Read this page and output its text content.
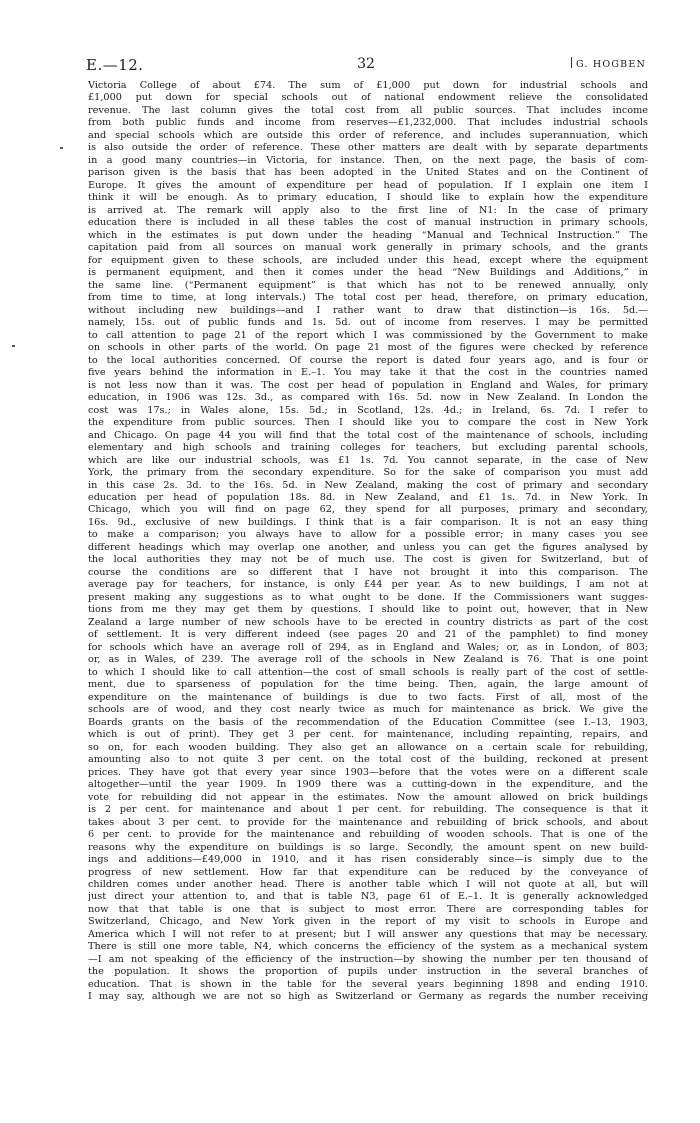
E.—12.	32	G. HOGBEN
Victoria College of about £74. The sum of £1,000 put down for industrial schools and
£1,000 put down for special schools out of national endowment relieve the consolidated
revenue. The last column gives the total cost from all public sources. That includes income
from both public funds and income from reserves—£1,232,000. That includes industrial schools
and special schools which are outside this order of reference, and includes superannuation, which
is also outside the order of reference. These other matters are dealt with by separate departments
in a good many countries—in Victoria, for instance. Then, on the next page, the basis of com-
parison given is the basis that has been adopted in the United States and on the Continent of
Europe. It gives the amount of expenditure per head of population. If I explain one item I
think it will be enough. As to primary education, I should like to explain how the expenditure
is arrived at. The remark will apply also to the first line of N1: In the case of primary
education there is included in all these tables the cost of manual instruction in primary schools,
which in the estimates is put down under the heading “Manual and Technical Instruction.” The
capitation paid from all sources on manual work generally in primary schools, and the grants
for equipment given to these schools, are included under this head, except where the equipment
is permanent equipment, and then it comes under the head “New Buildings and Additions,” in
the same line. (“Permanent equipment” is that which has not to be renewed annually, only
from time to time, at long intervals.) The total cost per head, therefore, on primary education,
without including new buildings—and I rather want to draw that distinction—is 16s. 5d.—
namely, 15s. out of public funds and 1s. 5d. out of income from reserves. I may be permitted
to call attention to page 21 of the report which I was commissioned by the Government to make
on schools in other parts of the world. On page 21 most of the figures were checked by reference
to the local authorities concerned. Of course the report is dated four years ago, and is four or
five years behind the information in E.–1. You may take it that the cost in the countries named
is not less now than it was. The cost per head of population in England and Wales, for primary
education, in 1906 was 12s. 3d., as compared with 16s. 5d. now in New Zealand. In London the
cost was 17s.; in Wales alone, 15s. 5d.; in Scotland, 12s. 4d.; in Ireland, 6s. 7d. I refer to
the expenditure from public sources. Then I should like you to compare the cost in New York
and Chicago. On page 44 you will find that the total cost of the maintenance of schools, including
elementary and high schools and training colleges for teachers, but excluding parental schools,
which are like our industrial schools, was £1 1s. 7d. You cannot separate, in the case of New
York, the primary from the secondary expenditure. So for the sake of comparison you must add
in this case 2s. 3d. to the 16s. 5d. in New Zealand, making the cost of primary and secondary
education per head of population 18s. 8d. in New Zealand, and £1 1s. 7d. in New York. In
Chicago, which you will find on page 62, they spend for all purposes, primary and secondary,
16s. 9d., exclusive of new buildings. I think that is a fair comparison. It is not an easy thing
to make a comparison; you always have to allow for a possible error; in many cases you see
different headings which may overlap one another, and unless you can get the figures analysed by
the local authorities they may not be of much use. The cost is given for Switzerland, but of
course the conditions are so different that I have not brought it into this comparison. The
average pay for teachers, for instance, is only £44 per year. As to new buildings, I am not at
present making any suggestions as to what ought to be done. If the Commissioners want sugges-
tions from me they may get them by questions. I should like to point out, however, that in New
Zealand a large number of new schools have to be erected in country districts as part of the cost
of settlement. It is very different indeed (see pages 20 and 21 of the pamphlet) to find money
for schools which have an average roll of 294, as in England and Wales; or, as in London, of 803;
or, as in Wales, of 239. The average roll of the schools in New Zealand is 76. That is one point
to which I should like to call attention—the cost of small schools is really part of the cost of settle-
ment, due to sparseness of population for the time being. Then, again, the large amount of
expenditure on the maintenance of buildings is due to two facts. First of all, most of the
schools are of wood, and they cost nearly twice as much for maintenance as brick. We give the
Boards grants on the basis of the recommendation of the Education Committee (see I.–13, 1903,
which is out of print). They get 3 per cent. for maintenance, including repainting, repairs, and
so on, for each wooden building. They also get an allowance on a certain scale for rebuilding,
amounting also to not quite 3 per cent. on the total cost of the building, reckoned at present
prices. They have got that every year since 1903—before that the votes were on a different scale
altogether—until the year 1909. In 1909 there was a cutting-down in the expenditure, and the
vote for rebuilding did not appear in the estimates. Now the amount allowed on brick buildings
is 2 per cent. for maintenance and about 1 per cent. for rebuilding. The consequence is that it
takes about 3 per cent. to provide for the maintenance and rebuilding of brick schools, and about
6 per cent. to provide for the maintenance and rebuilding of wooden schools. That is one of the
reasons why the expenditure on buildings is so large. Secondly, the amount spent on new build-
ings and additions—£49,000 in 1910, and it has risen considerably since—is simply due to the
progress of new settlement. How far that expenditure can be reduced by the conveyance of
children comes under another head. There is another table which I will not quote at all, but will
just direct your attention to, and that is table N3, page 61 of E.–1. It is generally acknowledged
now that that table is one that is subject to most error. There are corresponding tables for
Switzerland, Chicago, and New York given in the report of my visit to schools in Europe and
America which I will not refer to at present; but I will answer any questions that may be necessary.
There is still one more table, N4, which concerns the efficiency of the system as a mechanical system
—I am not speaking of the efficiency of the instruction—by showing the number per ten thousand of
the population. It shows the proportion of pupils under instruction in the several branches of
education. That is shown in the table for the several years beginning 1898 and ending 1910.
I may say, although we are not so high as Switzerland or Germany as regards the number receiving
